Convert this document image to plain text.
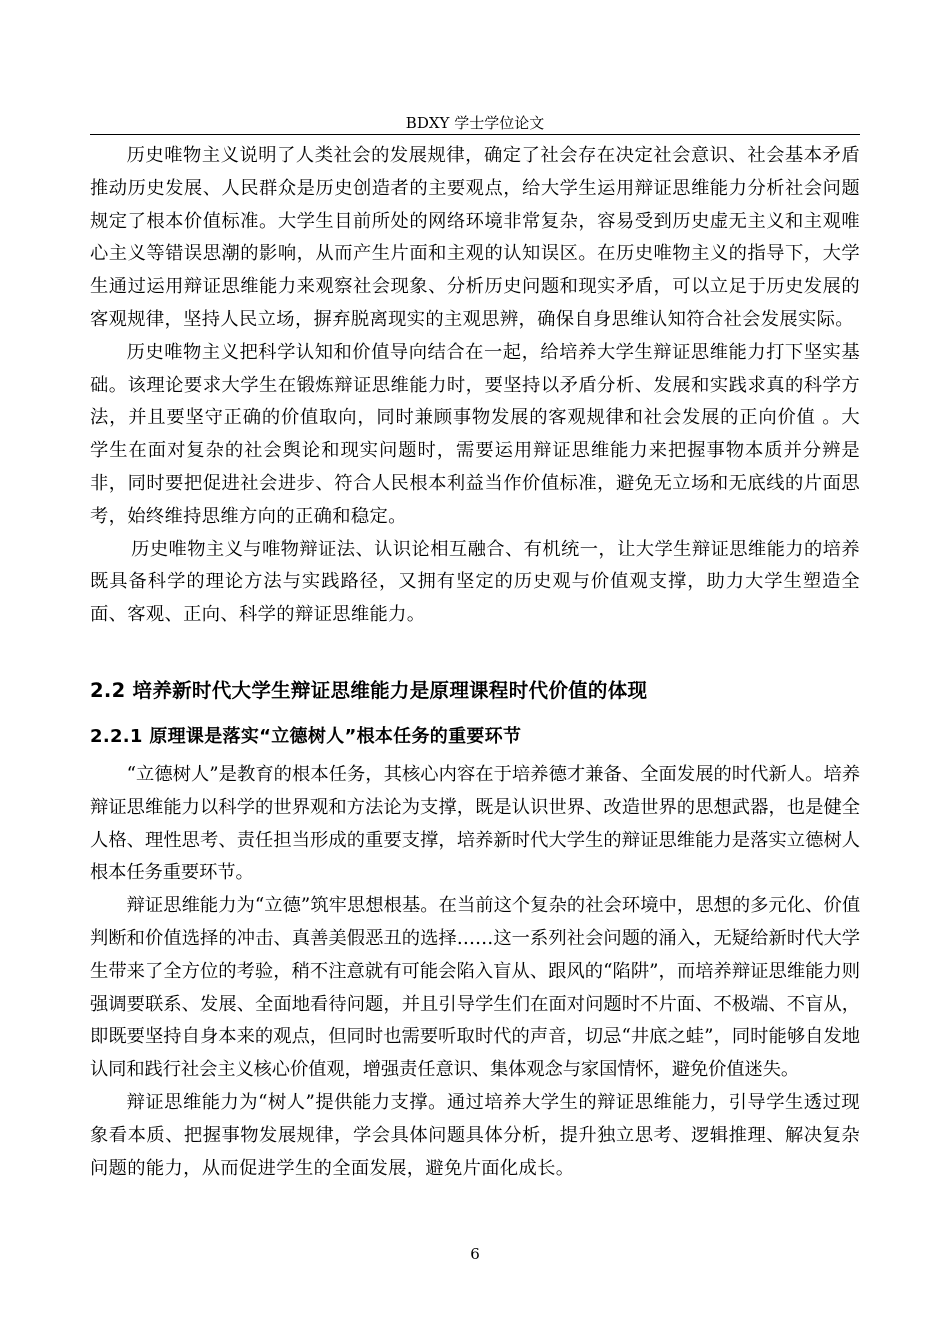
BDXY 学士学位论文

历史唯物主义说明了人类社会的发展规律，确定了社会存在决定社会意识、社会基本矛盾推动历史发展、人民群众是历史创造者的主要观点，给大学生运用辩证思维能力分析社会问题规定了根本价值标准。大学生目前所处的网络环境非常复杂，容易受到历史虚无主义和主观唯心主义等错误思潮的影响，从而产生片面和主观的认知误区。在历史唯物主义的指导下，大学生通过运用辩证思维能力来观察社会现象、分析历史问题和现实矛盾，可以立足于历史发展的客观规律，坚持人民立场，摒弃脱离现实的主观思辨，确保自身思维认知符合社会发展实际。

历史唯物主义把科学认知和价值导向结合在一起，给培养大学生辩证思维能力打下坚实基础。该理论要求大学生在锻炼辩证思维能力时，要坚持以矛盾分析、发展和实践求真的科学方法，并且要坚守正确的价值取向，同时兼顾事物发展的客观规律和社会发展的正向价值 。大学生在面对复杂的社会舆论和现实问题时，需要运用辩证思维能力来把握事物本质并分辨是非，同时要把促进社会进步、符合人民根本利益当作价值标准，避免无立场和无底线的片面思考，始终维持思维方向的正确和稳定。

历史唯物主义与唯物辩证法、认识论相互融合、有机统一，让大学生辩证思维能力的培养既具备科学的理论方法与实践路径，又拥有坚定的历史观与价值观支撑，助力大学生塑造全面、客观、正向、科学的辩证思维能力。

2.2 培养新时代大学生辩证思维能力是原理课程时代价值的体现
2.2.1 原理课是落实“立德树人”根本任务的重要环节

“立德树人”是教育的根本任务，其核心内容在于培养德才兼备、全面发展的时代新人。培养辩证思维能力以科学的世界观和方法论为支撑，既是认识世界、改造世界的思想武器，也是健全人格、理性思考、责任担当形成的重要支撑，培养新时代大学生的辩证思维能力是落实立德树人根本任务重要环节。

辩证思维能力为“立德”筑牢思想根基。在当前这个复杂的社会环境中，思想的多元化、价值判断和价值选择的冲击、真善美假恶丑的选择……这一系列社会问题的涌入，无疑给新时代大学生带来了全方位的考验，稍不注意就有可能会陷入盲从、跟风的“陷阱”，而培养辩证思维能力则强调要联系、发展、全面地看待问题，并且引导学生们在面对问题时不片面、不极端、不盲从，即既要坚持自身本来的观点，但同时也需要听取时代的声音，切忌“井底之蛙”，同时能够自发地认同和践行社会主义核心价值观，增强责任意识、集体观念与家国情怀，避免价值迷失。

辩证思维能力为“树人”提供能力支撑。通过培养大学生的辩证思维能力，引导学生透过现象看本质、把握事物发展规律，学会具体问题具体分析，提升独立思考、逻辑推理、解决复杂问题的能力，从而促进学生的全面发展，避免片面化成长。

6
